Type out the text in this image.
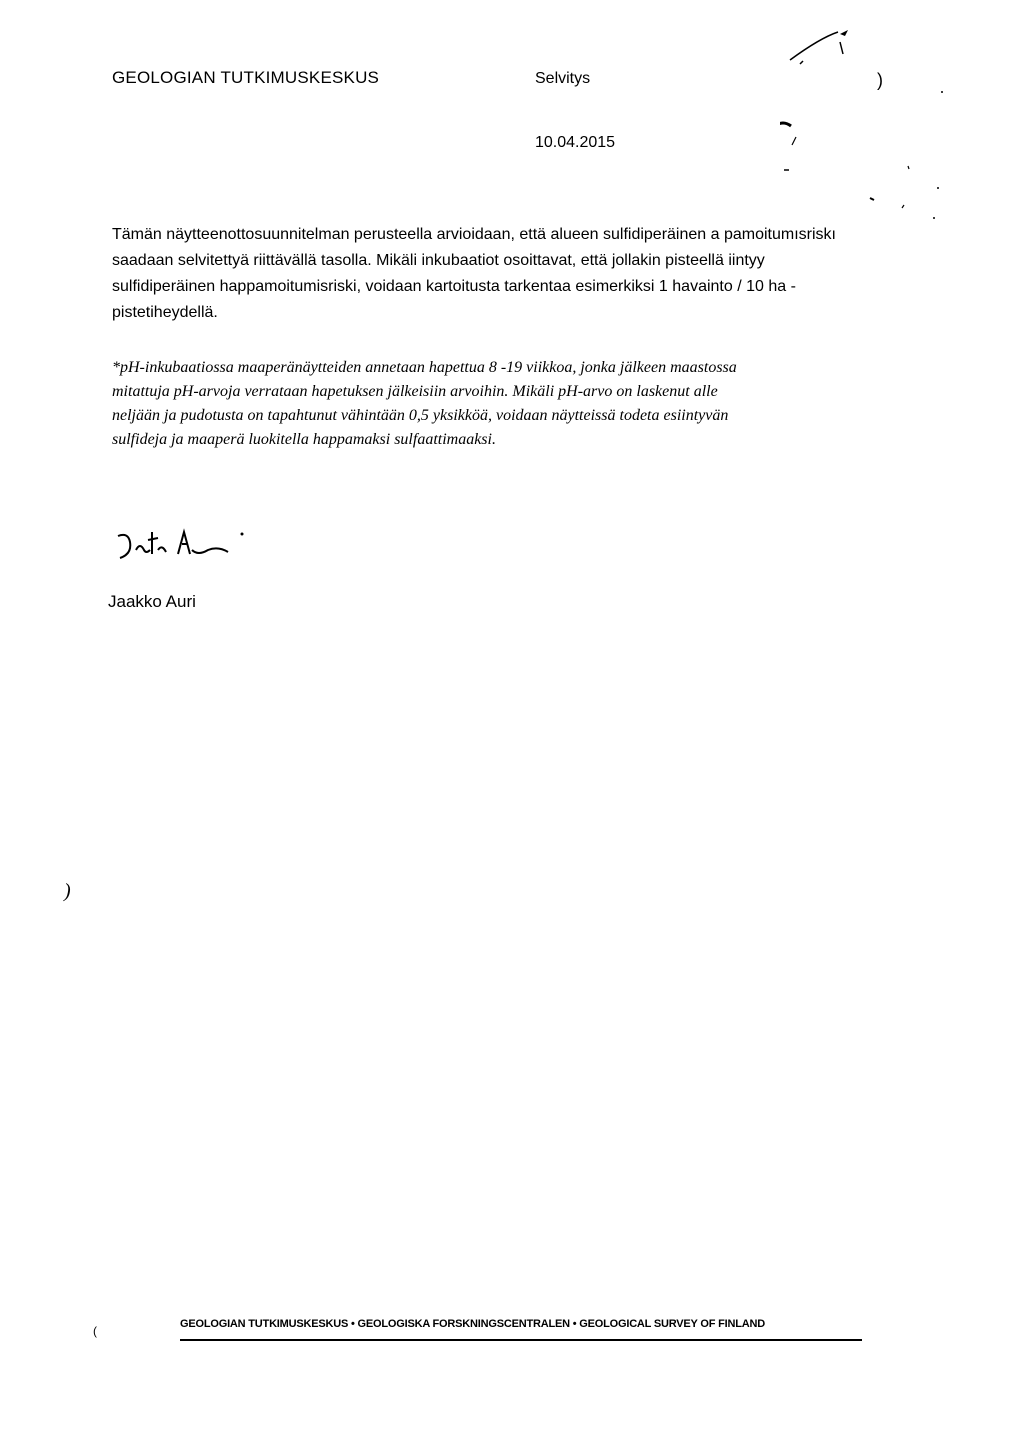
GEOLOGIAN TUTKIMUSKESKUS	Selvitys	)
10.04.2015
Tämän näytteenottosuunnitelman perusteella arvioidaan, että alueen sulfidiperäinen a pamoitumısriskı
saadaan selvitettyä riittävällä tasolla. Mikäli inkubaatiot osoittavat, että jollakin pisteellä iintyy
sulfidiperäinen happamoitumisriski, voidaan kartoitusta tarkentaa esimerkiksi 1 havainto / 10 ha -
pistetiheydellä.
*pH-inkubaatiossa maaperänäytteiden annetaan hapettua 8 -19 viikkoa, jonka jälkeen maastossa
mitattuja pH-arvoja verrataan hapetuksen jälkeisiin arvoihin. Mikäli pH-arvo on laskenut alle
neljään ja pudotusta on tapahtunut vähintään 0,5 yksikköä, voidaan näytteissä todeta esiintyvän
sulfideja ja maaperä luokitella happamaksi sulfaattimaaksi.
Jaakko Auri
)
(	GEOLOGIAN TUTKIMUSKESKUS • GEOLOGISKA FORSKNINGSCENTRALEN • GEOLOGICAL SURVEY OF FINLAND
